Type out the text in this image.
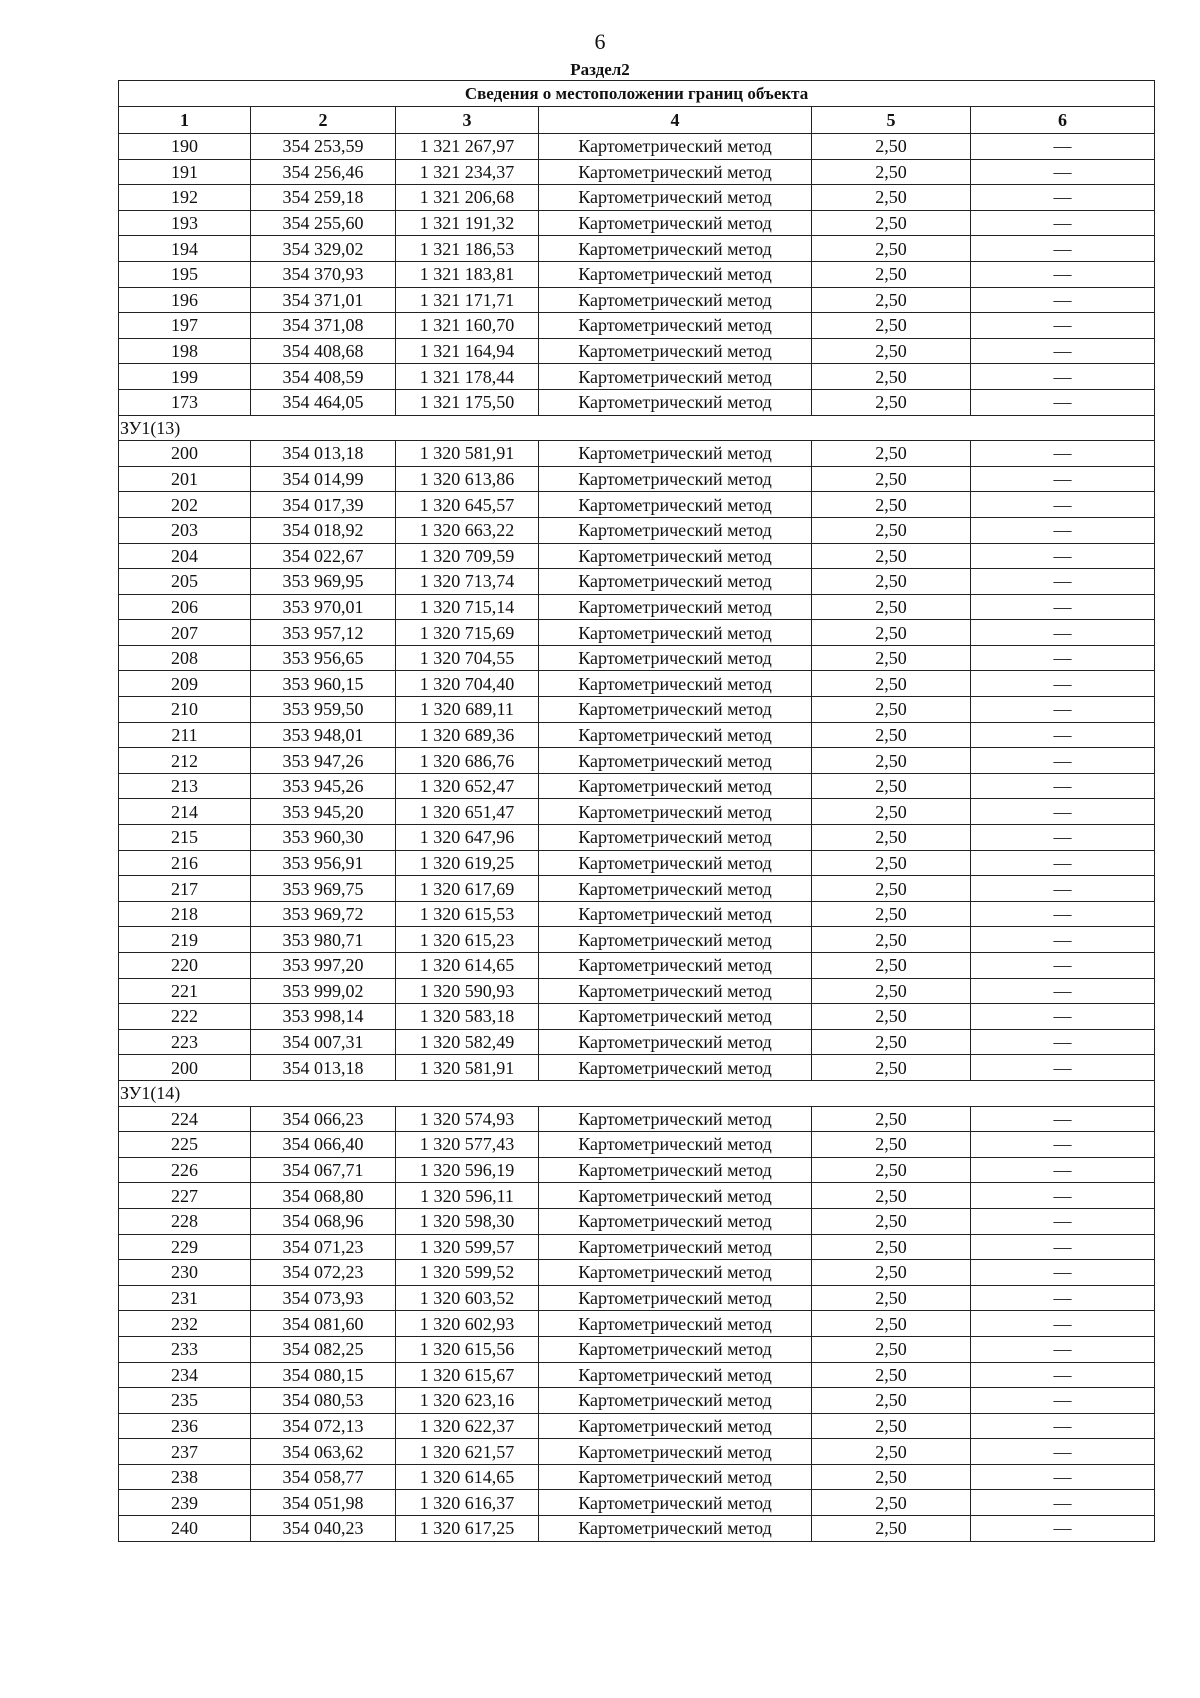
6
Раздел2
Сведения о местоположении границ объекта					
1	2	3	4	5	6
190	354 253,59	1 321 267,97	Картометрический метод	2,50	—
191	354 256,46	1 321 234,37	Картометрический метод	2,50	—
192	354 259,18	1 321 206,68	Картометрический метод	2,50	—
193	354 255,60	1 321 191,32	Картометрический метод	2,50	—
194	354 329,02	1 321 186,53	Картометрический метод	2,50	—
195	354 370,93	1 321 183,81	Картометрический метод	2,50	—
196	354 371,01	1 321 171,71	Картометрический метод	2,50	—
197	354 371,08	1 321 160,70	Картометрический метод	2,50	—
198	354 408,68	1 321 164,94	Картометрический метод	2,50	—
199	354 408,59	1 321 178,44	Картометрический метод	2,50	—
173	354 464,05	1 321 175,50	Картометрический метод	2,50	—
ЗУ1(13)					
200	354 013,18	1 320 581,91	Картометрический метод	2,50	—
201	354 014,99	1 320 613,86	Картометрический метод	2,50	—
202	354 017,39	1 320 645,57	Картометрический метод	2,50	—
203	354 018,92	1 320 663,22	Картометрический метод	2,50	—
204	354 022,67	1 320 709,59	Картометрический метод	2,50	—
205	353 969,95	1 320 713,74	Картометрический метод	2,50	—
206	353 970,01	1 320 715,14	Картометрический метод	2,50	—
207	353 957,12	1 320 715,69	Картометрический метод	2,50	—
208	353 956,65	1 320 704,55	Картометрический метод	2,50	—
209	353 960,15	1 320 704,40	Картометрический метод	2,50	—
210	353 959,50	1 320 689,11	Картометрический метод	2,50	—
211	353 948,01	1 320 689,36	Картометрический метод	2,50	—
212	353 947,26	1 320 686,76	Картометрический метод	2,50	—
213	353 945,26	1 320 652,47	Картометрический метод	2,50	—
214	353 945,20	1 320 651,47	Картометрический метод	2,50	—
215	353 960,30	1 320 647,96	Картометрический метод	2,50	—
216	353 956,91	1 320 619,25	Картометрический метод	2,50	—
217	353 969,75	1 320 617,69	Картометрический метод	2,50	—
218	353 969,72	1 320 615,53	Картометрический метод	2,50	—
219	353 980,71	1 320 615,23	Картометрический метод	2,50	—
220	353 997,20	1 320 614,65	Картометрический метод	2,50	—
221	353 999,02	1 320 590,93	Картометрический метод	2,50	—
222	353 998,14	1 320 583,18	Картометрический метод	2,50	—
223	354 007,31	1 320 582,49	Картометрический метод	2,50	—
200	354 013,18	1 320 581,91	Картометрический метод	2,50	—
ЗУ1(14)					
224	354 066,23	1 320 574,93	Картометрический метод	2,50	—
225	354 066,40	1 320 577,43	Картометрический метод	2,50	—
226	354 067,71	1 320 596,19	Картометрический метод	2,50	—
227	354 068,80	1 320 596,11	Картометрический метод	2,50	—
228	354 068,96	1 320 598,30	Картометрический метод	2,50	—
229	354 071,23	1 320 599,57	Картометрический метод	2,50	—
230	354 072,23	1 320 599,52	Картометрический метод	2,50	—
231	354 073,93	1 320 603,52	Картометрический метод	2,50	—
232	354 081,60	1 320 602,93	Картометрический метод	2,50	—
233	354 082,25	1 320 615,56	Картометрический метод	2,50	—
234	354 080,15	1 320 615,67	Картометрический метод	2,50	—
235	354 080,53	1 320 623,16	Картометрический метод	2,50	—
236	354 072,13	1 320 622,37	Картометрический метод	2,50	—
237	354 063,62	1 320 621,57	Картометрический метод	2,50	—
238	354 058,77	1 320 614,65	Картометрический метод	2,50	—
239	354 051,98	1 320 616,37	Картометрический метод	2,50	—
240	354 040,23	1 320 617,25	Картометрический метод	2,50	—
